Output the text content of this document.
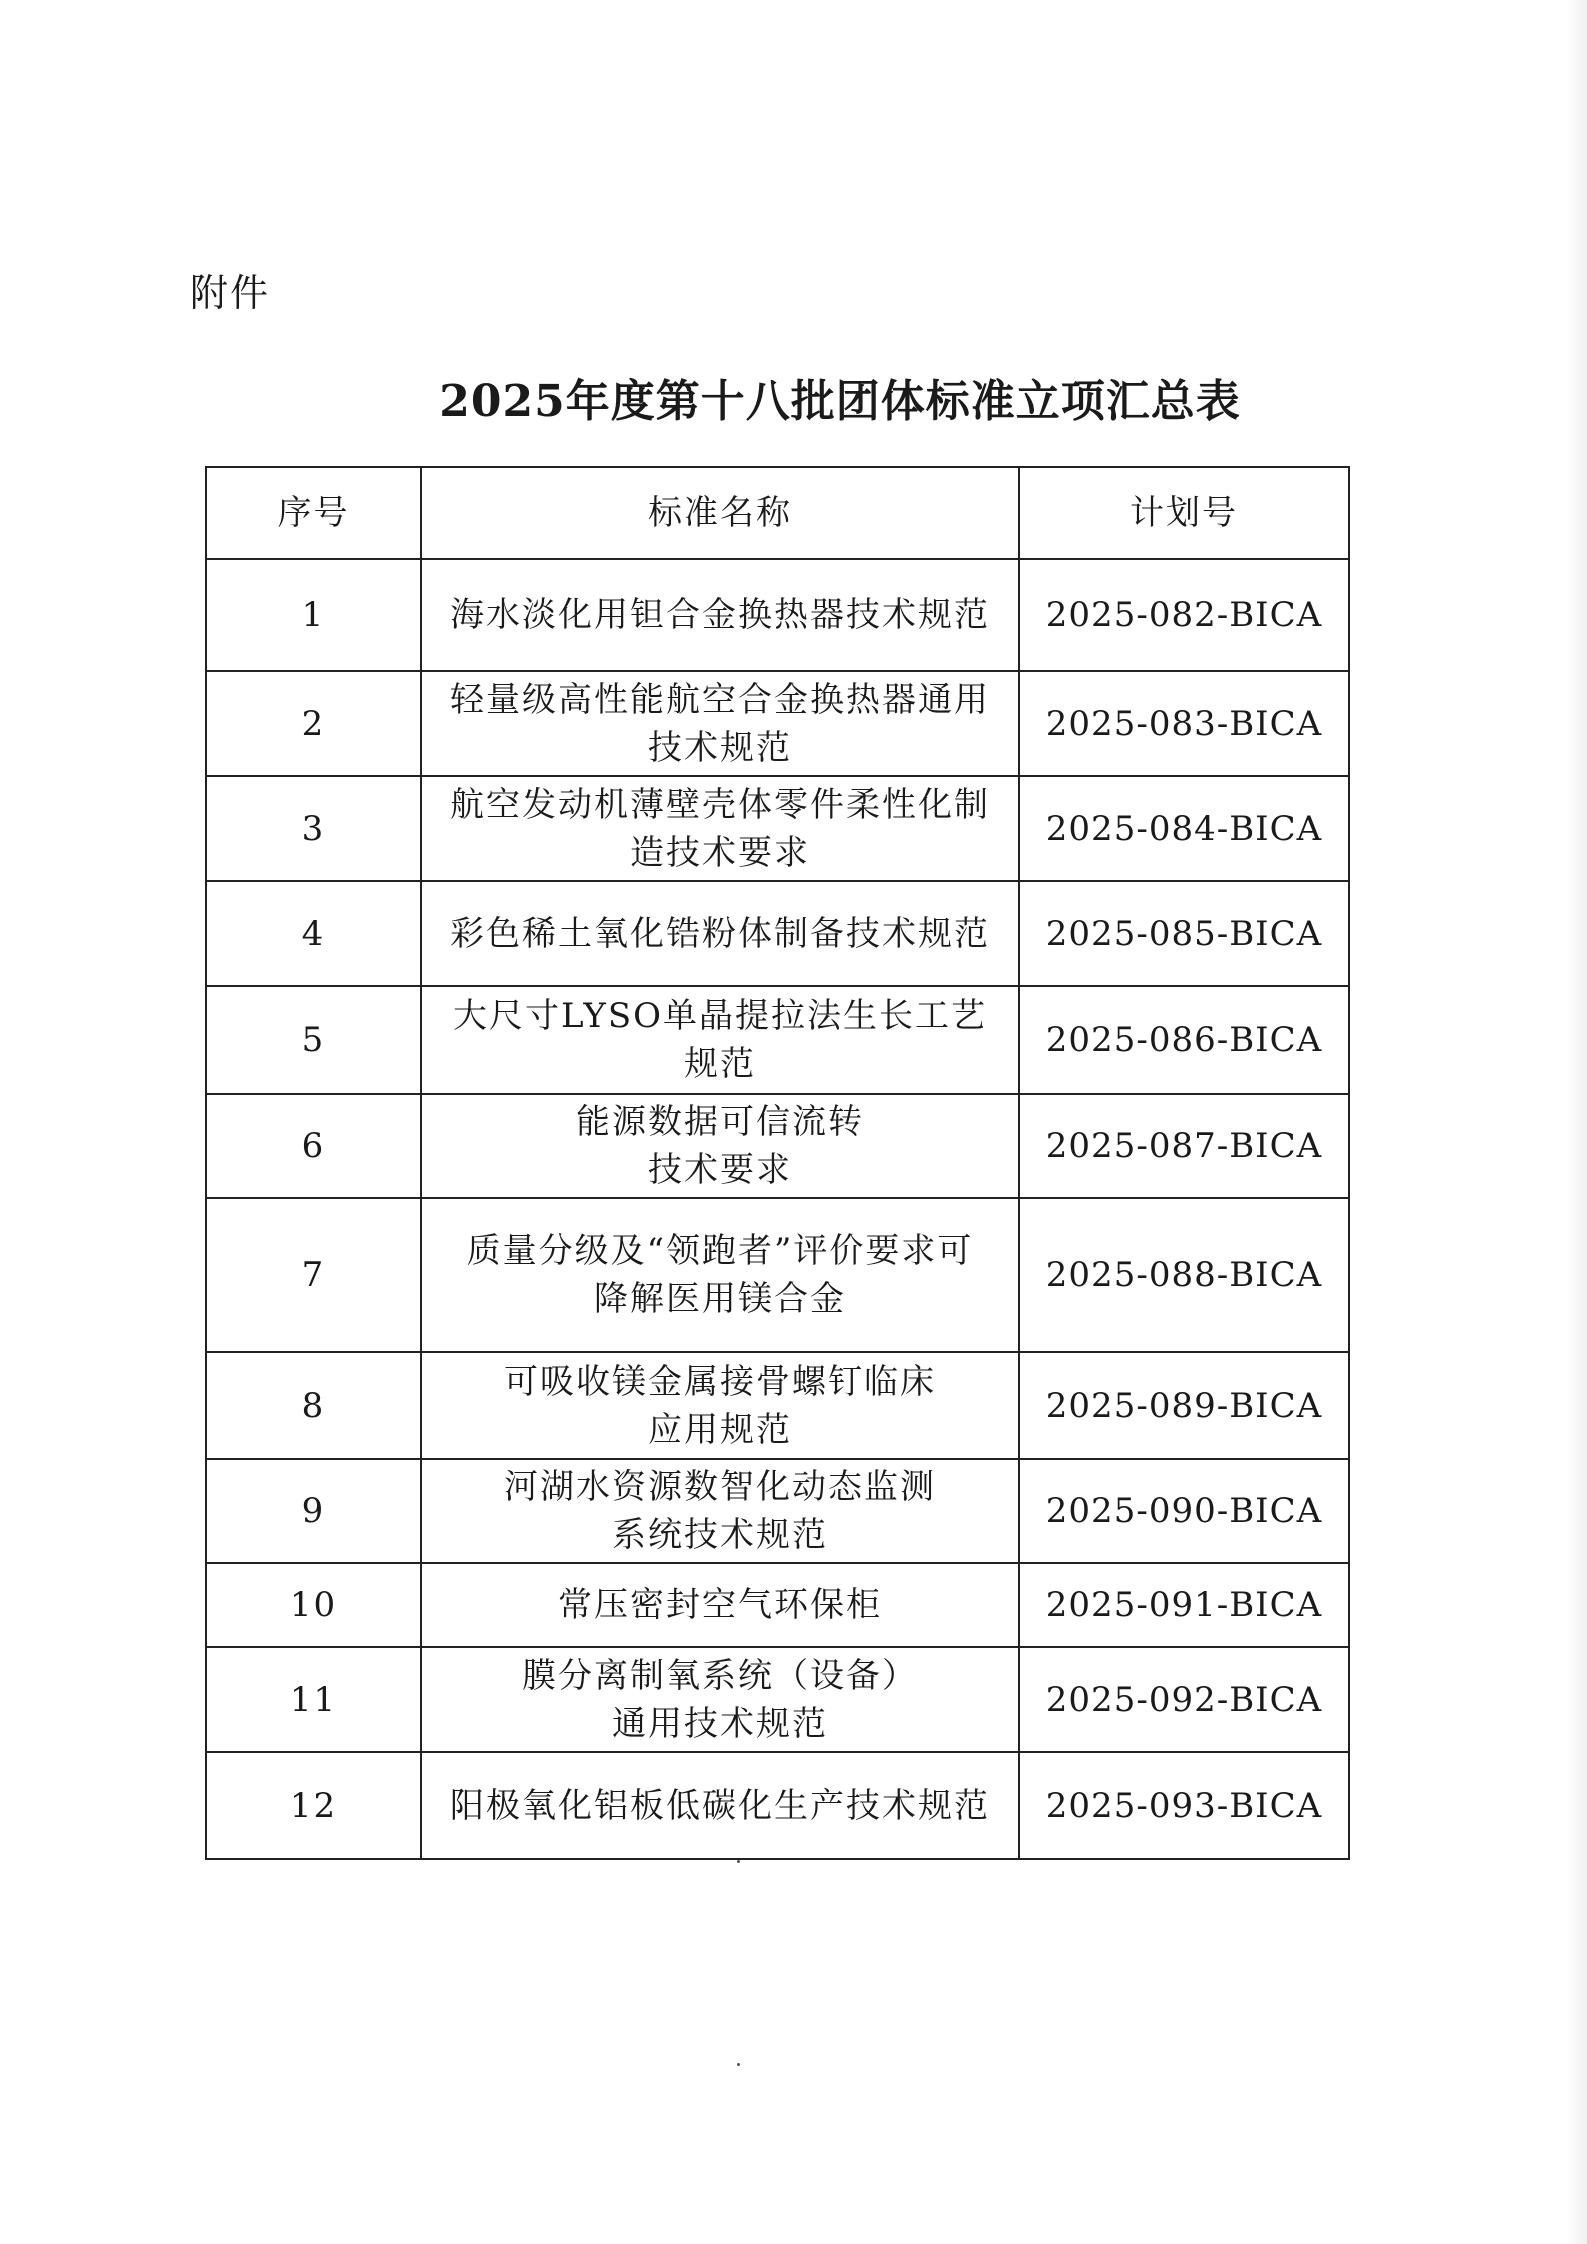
附件
2025年度第十八批团体标准立项汇总表
序号	标准名称	计划号
1	海水淡化用钽合金换热器技术规范	2025-082-BICA
2	轻量级高性能航空合金换热器通用
技术规范	2025-083-BICA
3	航空发动机薄壁壳体零件柔性化制
造技术要求	2025-084-BICA
4	彩色稀土氧化锆粉体制备技术规范	2025-085-BICA
5	大尺寸LYSO单晶提拉法生长工艺
规范	2025-086-BICA
6	能源数据可信流转
技术要求	2025-087-BICA
7	质量分级及“领跑者”评价要求可
降解医用镁合金	2025-088-BICA
8	可吸收镁金属接骨螺钉临床
应用规范	2025-089-BICA
9	河湖水资源数智化动态监测
系统技术规范	2025-090-BICA
10	常压密封空气环保柜	2025-091-BICA
11	膜分离制氧系统（设备）
通用技术规范	2025-092-BICA
12	阳极氧化铝板低碳化生产技术规范	2025-093-BICA
